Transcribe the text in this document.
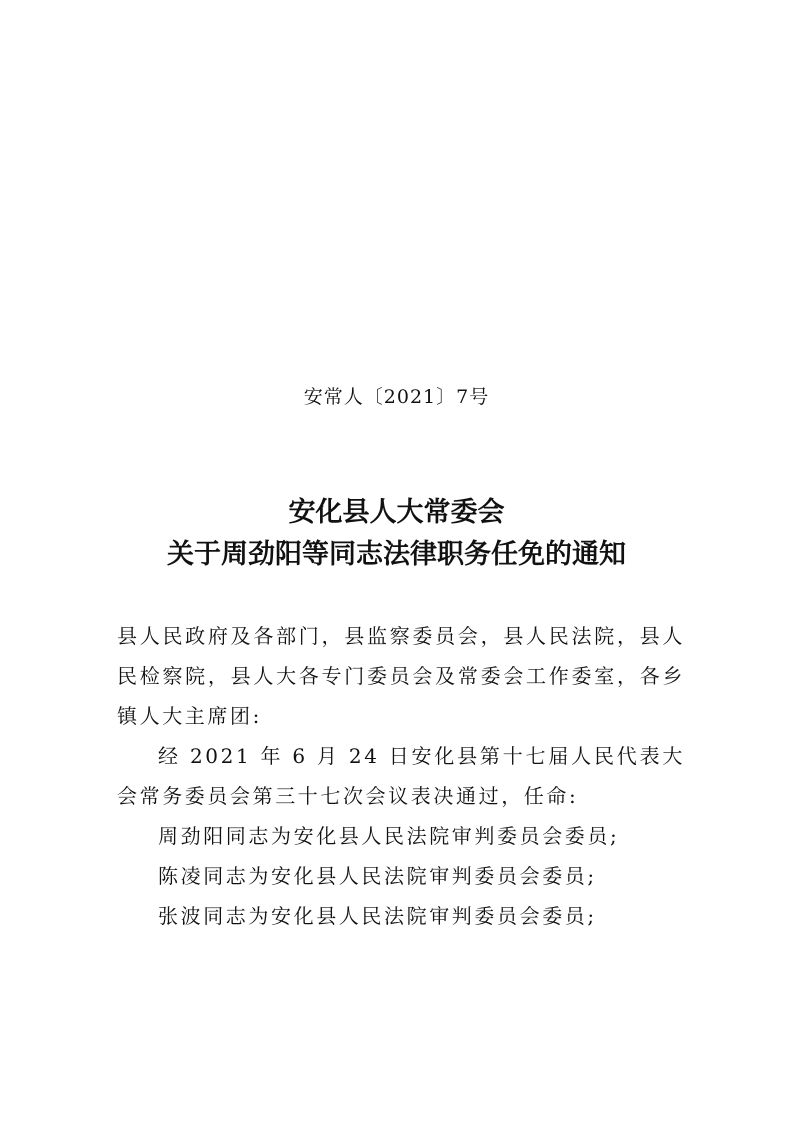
安常人〔2021〕7号
安化县人大常委会
关于周劲阳等同志法律职务任免的通知

县人民政府及各部门，县监察委员会，县人民法院，县人民检察院，县人大各专门委员会及常委会工作委室，各乡镇人大主席团:

经 2021 年 6 月 24 日安化县第十七届人民代表大会常务委员会第三十七次会议表决通过，任命:

周劲阳同志为安化县人民法院审判委员会委员;

陈凌同志为安化县人民法院审判委员会委员;

张波同志为安化县人民法院审判委员会委员;
